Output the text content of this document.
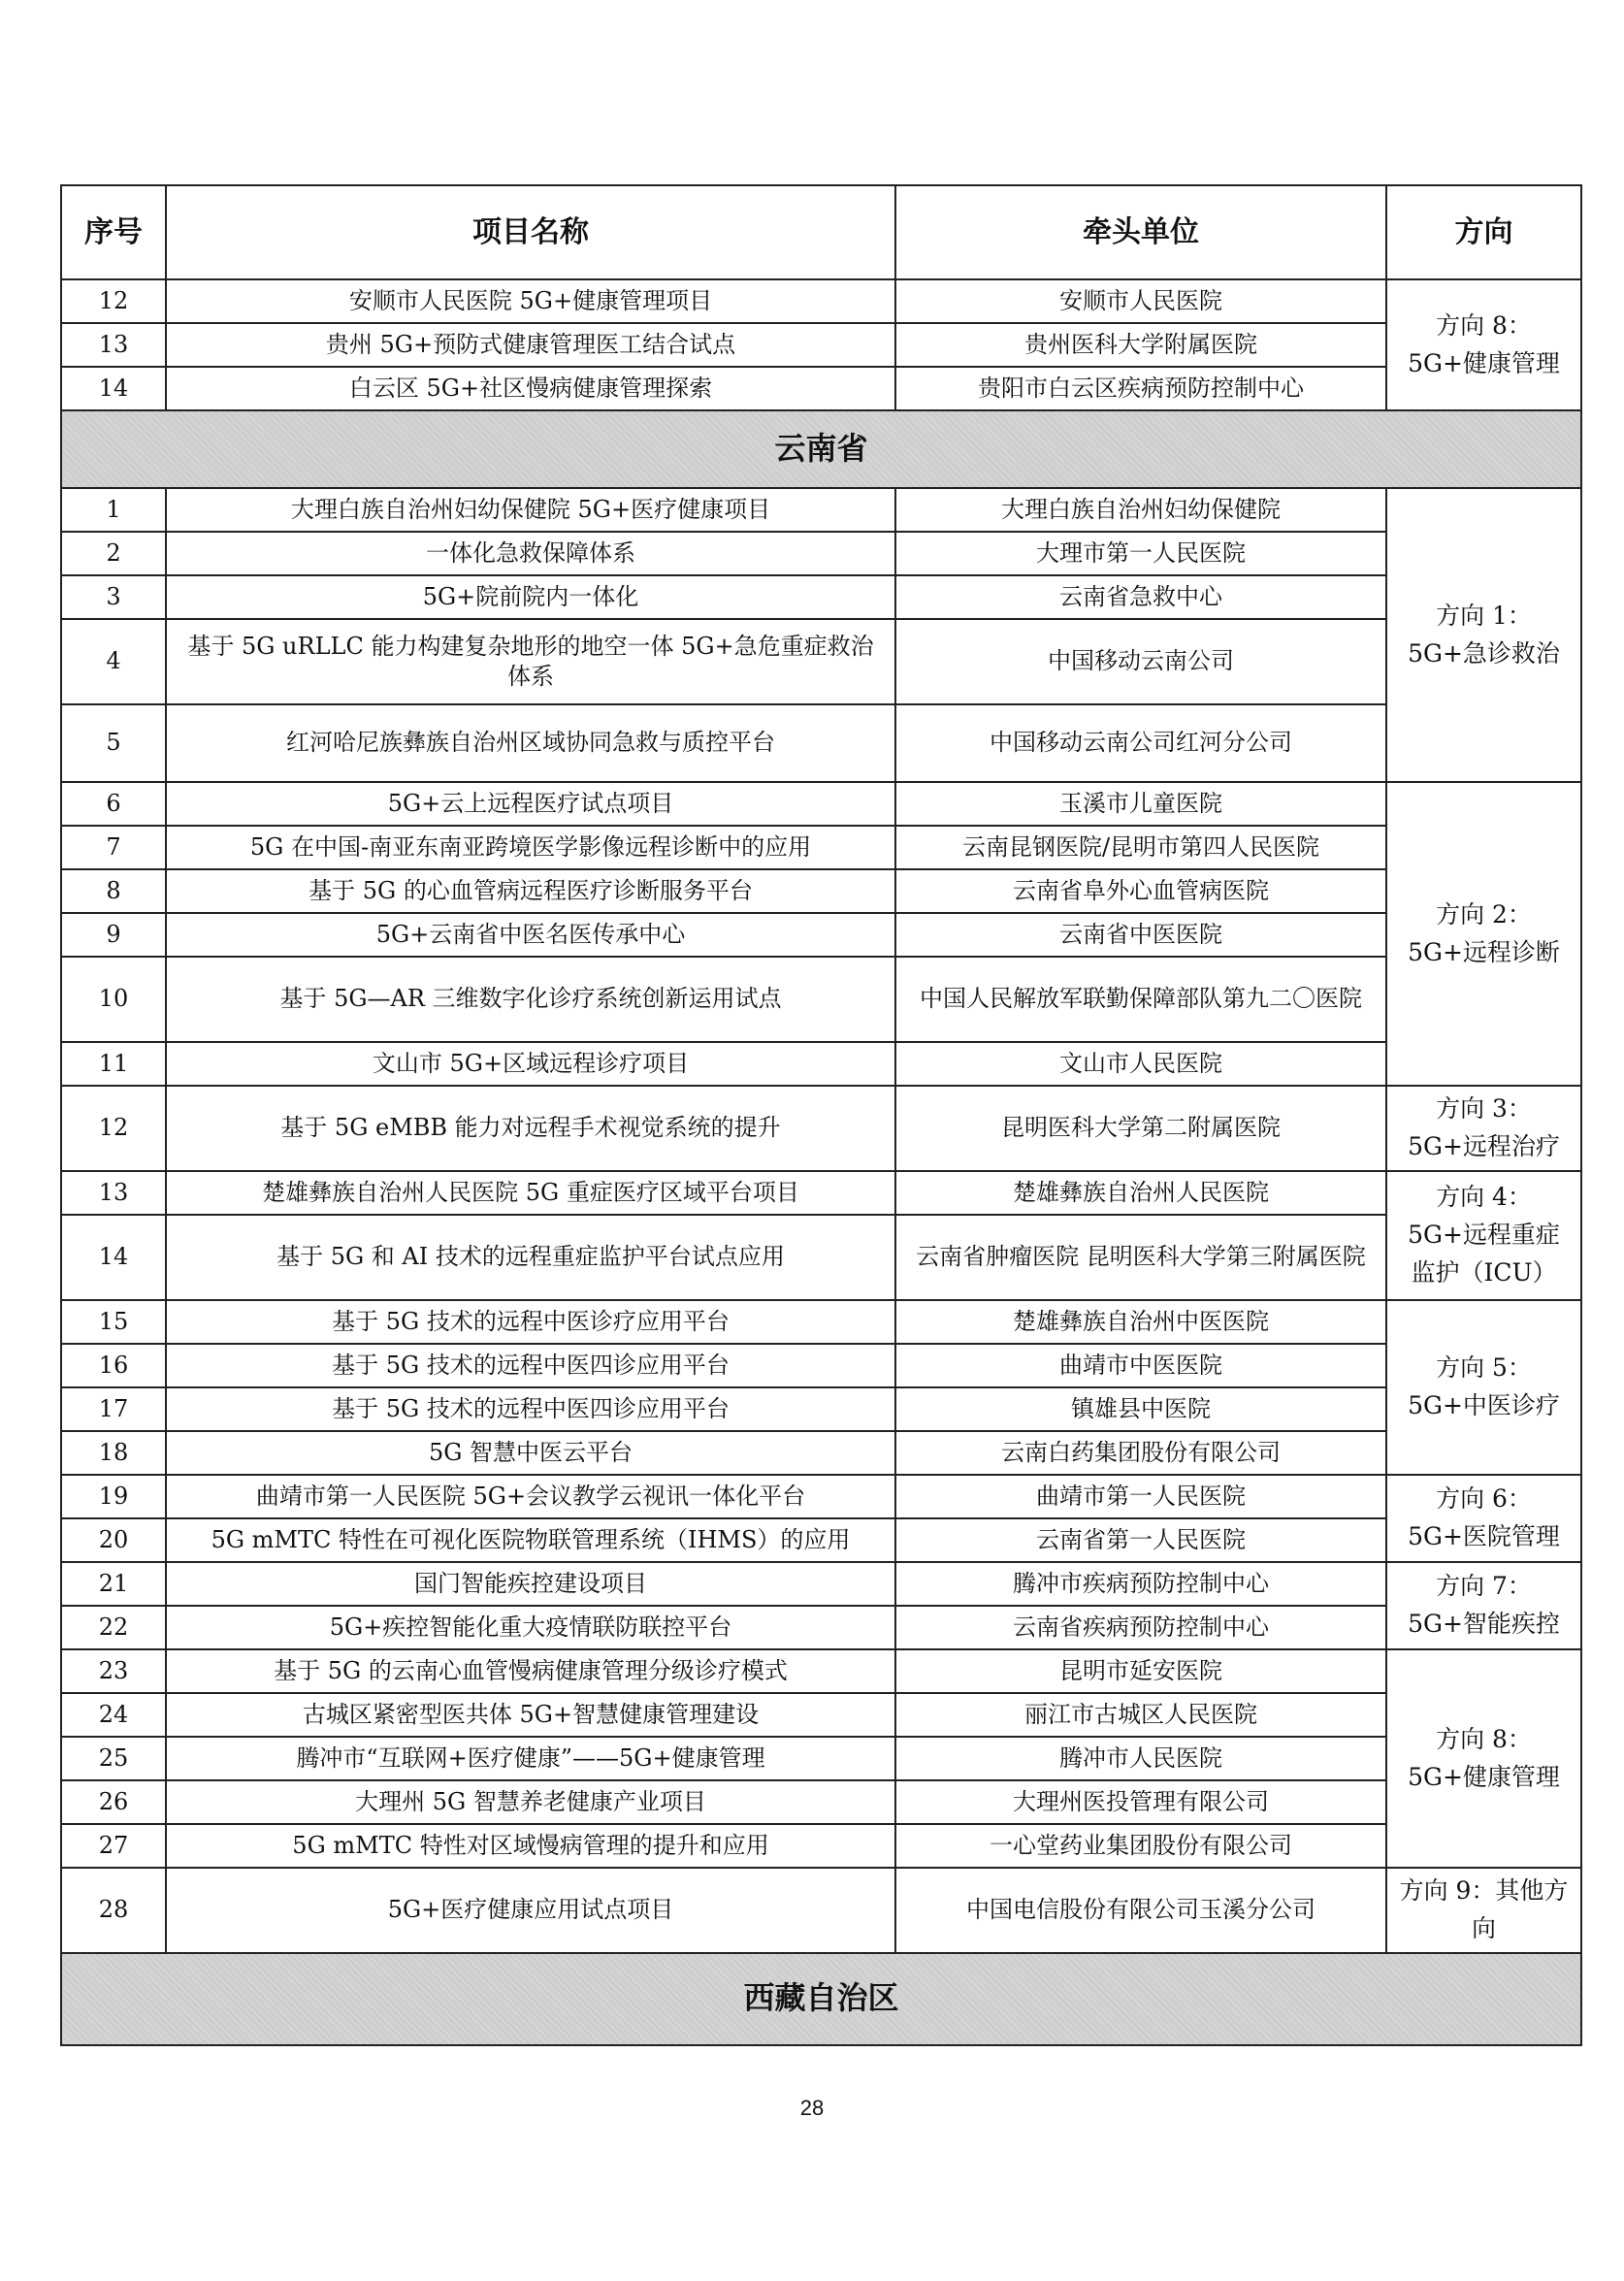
序号	项目名称	牵头单位	方向
12	安顺市人民医院 5G+健康管理项目	安顺市人民医院	方向 8：5G+健康管理
13	贵州 5G+预防式健康管理医工结合试点	贵州医科大学附属医院	
14	白云区 5G+社区慢病健康管理探索	贵阳市白云区疾病预防控制中心	
云南省			
1	大理白族自治州妇幼保健院 5G+医疗健康项目	大理白族自治州妇幼保健院	方向 1：5G+急诊救治
2	一体化急救保障体系	大理市第一人民医院	
3	5G+院前院内一体化	云南省急救中心	
4	基于 5G uRLLC 能力构建复杂地形的地空一体 5G+急危重症救治体系	中国移动云南公司	
5	红河哈尼族彝族自治州区域协同急救与质控平台	中国移动云南公司红河分公司	
6	5G+云上远程医疗试点项目	玉溪市儿童医院	方向 2：5G+远程诊断
7	5G 在中国-南亚东南亚跨境医学影像远程诊断中的应用	云南昆钢医院/昆明市第四人民医院	
8	基于 5G 的心血管病远程医疗诊断服务平台	云南省阜外心血管病医院	
9	5G+云南省中医名医传承中心	云南省中医医院	
10	基于 5G—AR 三维数字化诊疗系统创新运用试点	中国人民解放军联勤保障部队第九二〇医院	
11	文山市 5G+区域远程诊疗项目	文山市人民医院	
12	基于 5G eMBB 能力对远程手术视觉系统的提升	昆明医科大学第二附属医院	方向 3：5G+远程治疗
13	楚雄彝族自治州人民医院 5G 重症医疗区域平台项目	楚雄彝族自治州人民医院	方向 4：5G+远程重症监护（ICU）
14	基于 5G 和 AI 技术的远程重症监护平台试点应用	云南省肿瘤医院 昆明医科大学第三附属医院	
15	基于 5G 技术的远程中医诊疗应用平台	楚雄彝族自治州中医医院	方向 5：5G+中医诊疗
16	基于 5G 技术的远程中医四诊应用平台	曲靖市中医医院	
17	基于 5G 技术的远程中医四诊应用平台	镇雄县中医院	
18	5G 智慧中医云平台	云南白药集团股份有限公司	
19	曲靖市第一人民医院 5G+会议教学云视讯一体化平台	曲靖市第一人民医院	方向 6：5G+医院管理
20	5G mMTC 特性在可视化医院物联管理系统（IHMS）的应用	云南省第一人民医院	
21	国门智能疾控建设项目	腾冲市疾病预防控制中心	方向 7：5G+智能疾控
22	5G+疾控智能化重大疫情联防联控平台	云南省疾病预防控制中心	
23	基于 5G 的云南心血管慢病健康管理分级诊疗模式	昆明市延安医院	方向 8：5G+健康管理
24	古城区紧密型医共体 5G+智慧健康管理建设	丽江市古城区人民医院	
25	腾冲市“互联网+医疗健康”——5G+健康管理	腾冲市人民医院	
26	大理州 5G 智慧养老健康产业项目	大理州医投管理有限公司	
27	5G mMTC 特性对区域慢病管理的提升和应用	一心堂药业集团股份有限公司	
28	5G+医疗健康应用试点项目	中国电信股份有限公司玉溪分公司	方向 9：其他方向
西藏自治区			
28
